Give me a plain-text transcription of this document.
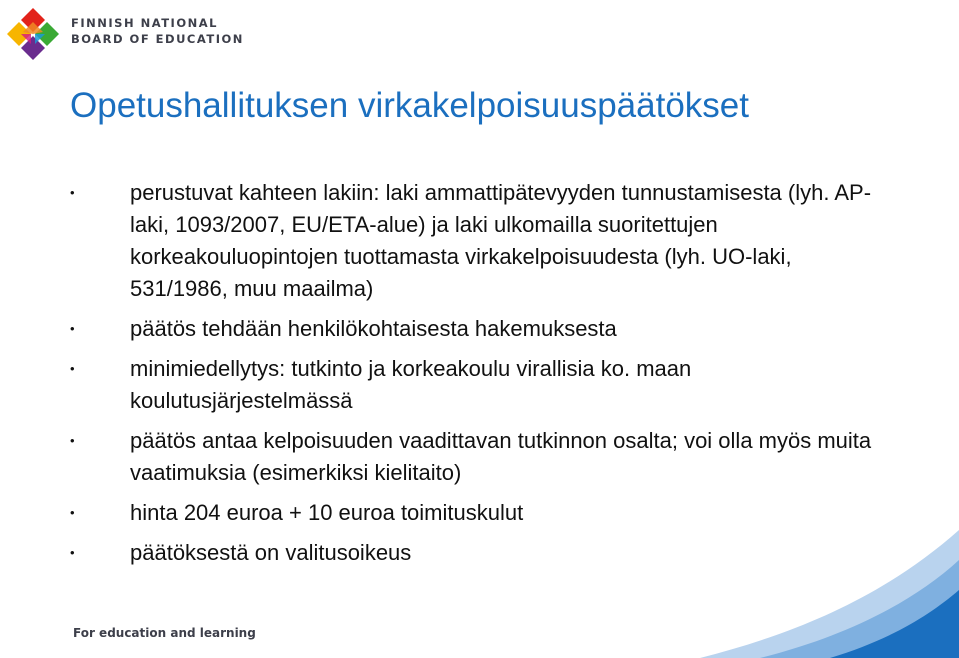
FINNISH NATIONAL
BOARD OF EDUCATION
Opetushallituksen virkakelpoisuuspäätökset
•	perustuvat kahteen lakiin: laki ammattipätevyyden tunnustamisesta (lyh. AP-laki, 1093/2007, EU/ETA-alue) ja laki ulkomailla suoritettujen korkeakouluopintojen tuottamasta virkakelpoisuudesta (lyh. UO-laki, 531/1986, muu maailma)
•	päätös tehdään henkilökohtaisesta hakemuksesta
•	minimiedellytys: tutkinto ja korkeakoulu virallisia ko. maan koulutusjärjestelmässä
•	päätös antaa kelpoisuuden vaadittavan tutkinnon osalta; voi olla myös muita vaatimuksia (esimerkiksi kielitaito)
•	hinta 204 euroa + 10 euroa toimituskulut
•	päätöksestä on valitusoikeus
For education and learning
